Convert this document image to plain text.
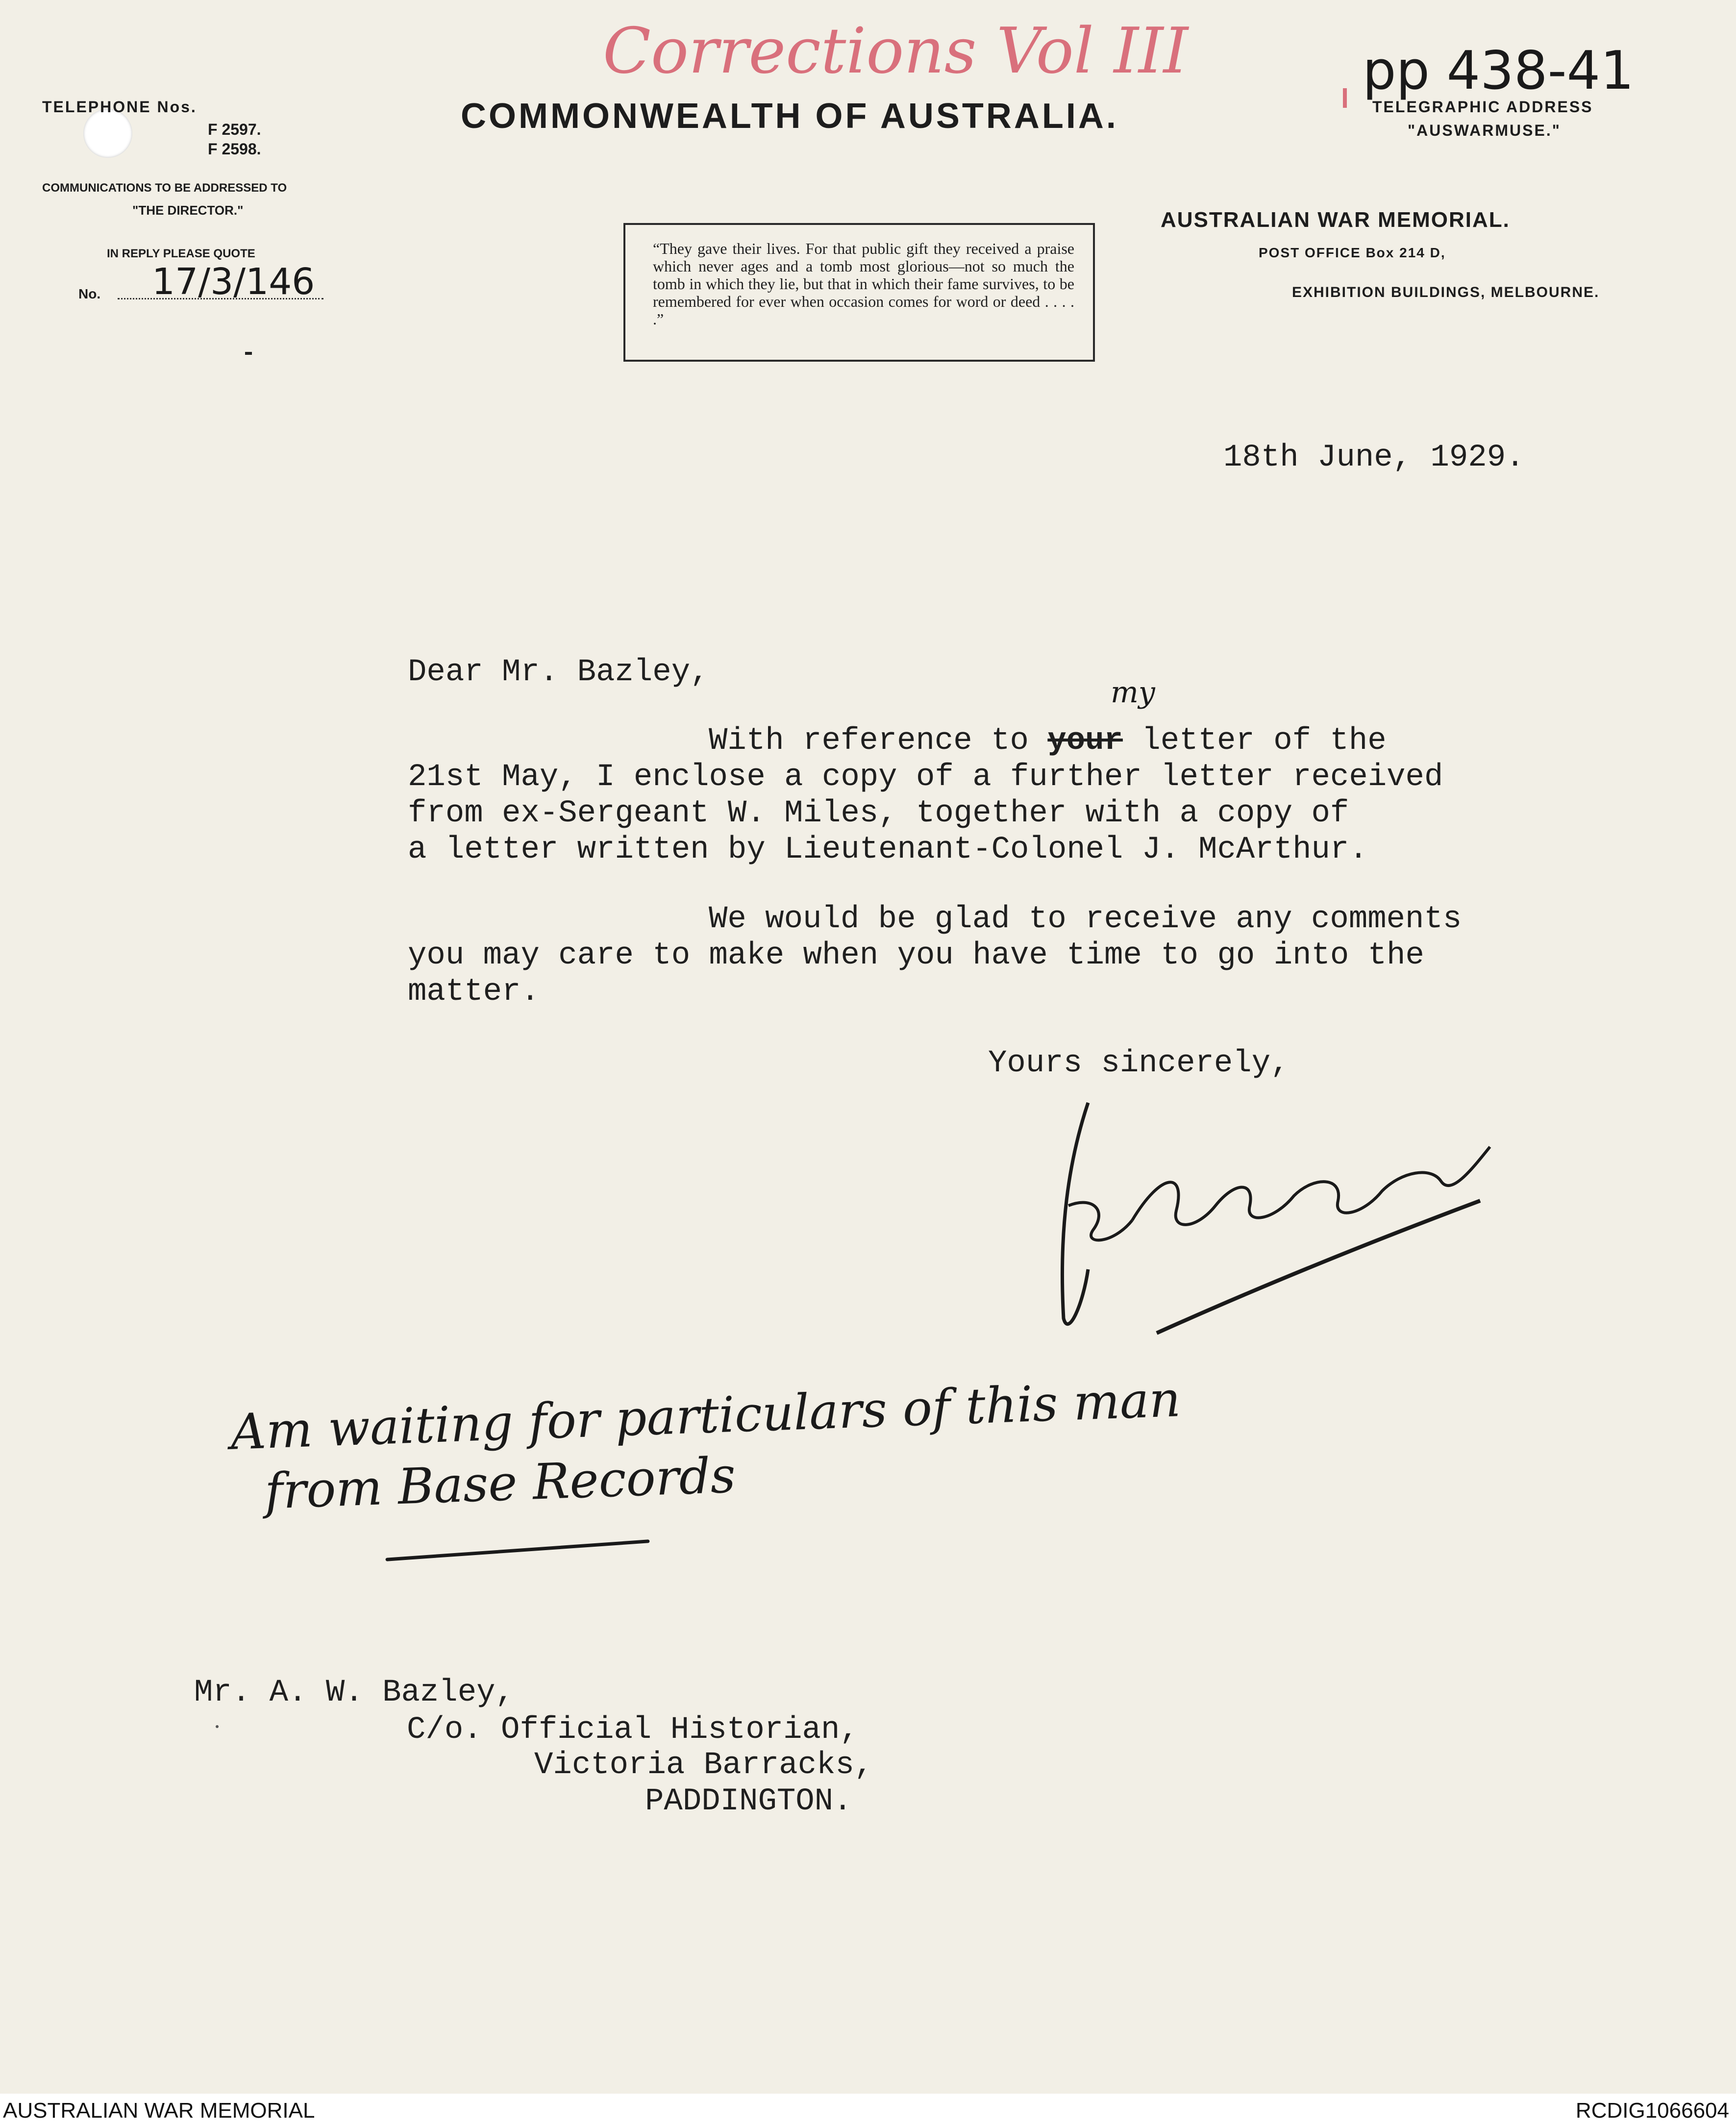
TELEPHONE Nos.

F 2597.

F 2598.

COMMUNICATIONS TO BE ADDRESSED TO

"THE DIRECTOR."

IN REPLY PLEASE QUOTE

No. 17/3/146

COMMONWEALTH OF AUSTRALIA.

Corrections Vol III	pp 438-41

TELEGRAPHIC ADDRESS

"AUSWARMUSE."

AUSTRALIAN WAR MEMORIAL.

POST OFFICE Box 214 D,

EXHIBITION BUILDINGS, MELBOURNE.

“They gave their lives. For that public gift they received a praise which never ages and a tomb most glorious—not so much the tomb in which they lie, but that in which their fame survives, to be remembered for ever when occasion comes for word or deed . . . . .”

18th June, 1929.

Dear Mr. Bazley,

my

With reference to your letter of the

21st May, I enclose a copy of a further letter received

from ex-Sergeant W. Miles, together with a copy of

a letter written by Lieutenant-Colonel J. McArthur.

We would be glad to receive any comments

you may care to make when you have time to go into the

matter.

Yours sincerely,

Am waiting for particulars of this man

from Base Records

Mr. A. W. Bazley,

C/o. Official Historian,

Victoria Barracks,

PADDINGTON.

AUSTRALIAN WAR MEMORIAL	RCDIG1066604
